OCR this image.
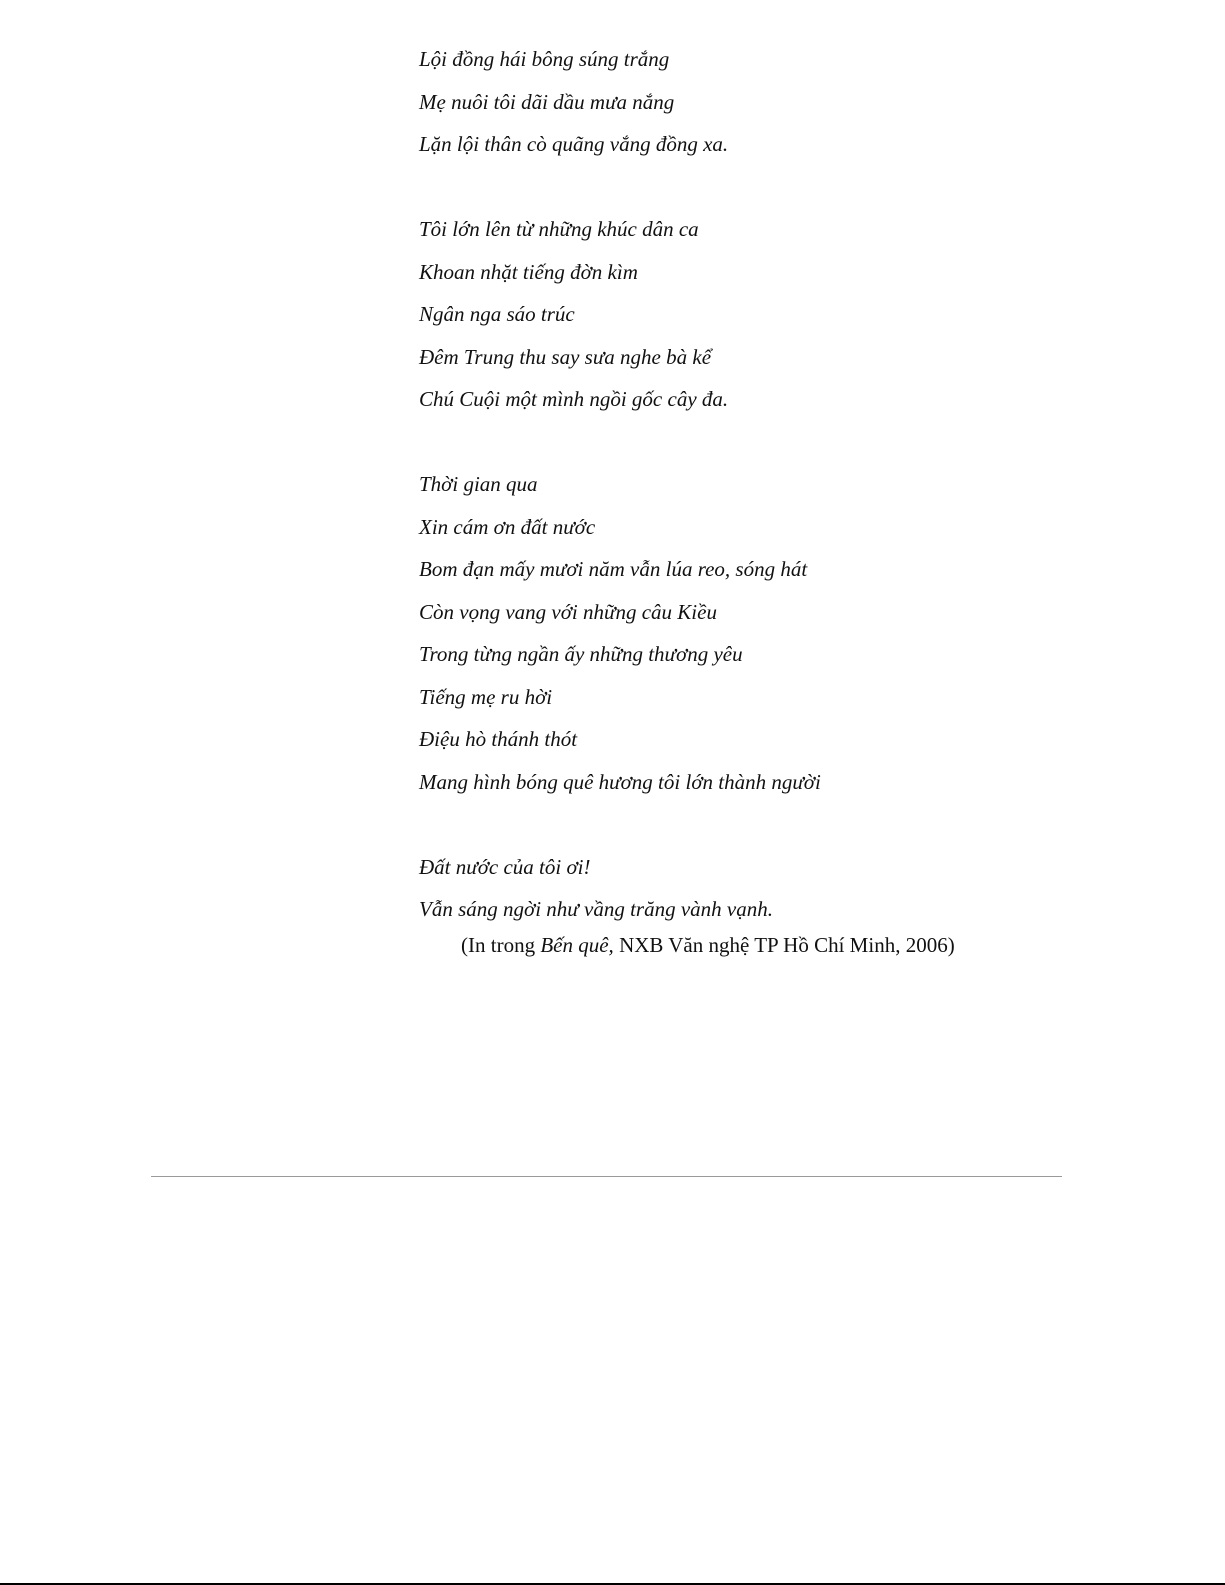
Lội đồng hái bông súng trắng
Mẹ nuôi tôi dãi dầu mưa nắng
Lặn lội thân cò quãng vắng đồng xa.
Tôi lớn lên từ những khúc dân ca
Khoan nhặt tiếng đờn kìm
Ngân nga sáo trúc
Đêm Trung thu say sưa nghe bà kể
Chú Cuội một mình ngồi gốc cây đa.
Thời gian qua
Xin cám ơn đất nước
Bom đạn mấy mươi năm vẫn lúa reo, sóng hát
Còn vọng vang với những câu Kiều
Trong từng ngần ấy những thương yêu
Tiếng mẹ ru hời
Điệu hò thánh thót
Mang hình bóng quê hương tôi lớn thành người
Đất nước của tôi ơi!
Vẫn sáng ngời như vầng trăng vành vạnh.

(In trong Bến quê, NXB Văn nghệ TP Hồ Chí Minh, 2006)
